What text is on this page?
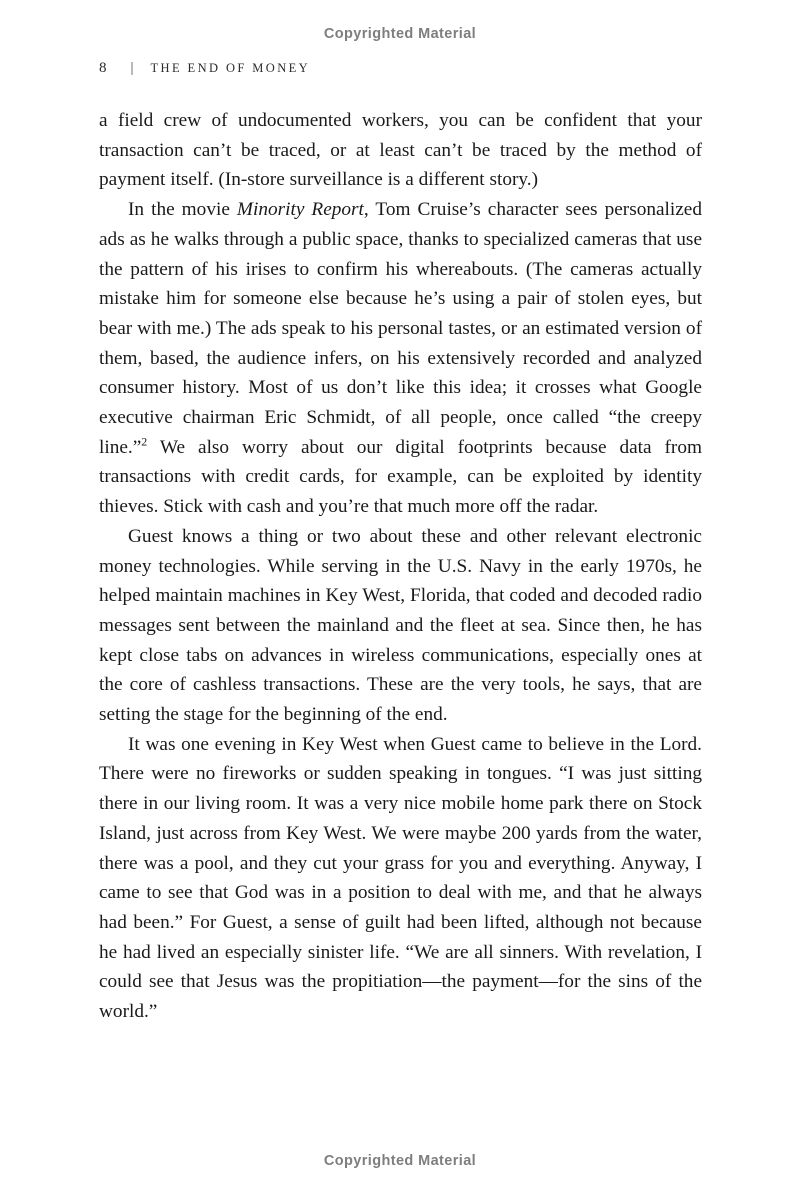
Copyrighted Material
8 | THE END OF MONEY

a field crew of undocumented workers, you can be confident that your transaction can’t be traced, or at least can’t be traced by the method of payment itself. (In-store surveillance is a different story.)

In the movie Minority Report, Tom Cruise’s character sees personalized ads as he walks through a public space, thanks to specialized cameras that use the pattern of his irises to confirm his whereabouts. (The cameras actually mistake him for someone else because he’s using a pair of stolen eyes, but bear with me.) The ads speak to his personal tastes, or an estimated version of them, based, the audience infers, on his extensively recorded and analyzed consumer history. Most of us don’t like this idea; it crosses what Google executive chairman Eric Schmidt, of all people, once called “the creepy line.”$^2$ We also worry about our digital footprints because data from transactions with credit cards, for example, can be exploited by identity thieves. Stick with cash and you’re that much more off the radar.

Guest knows a thing or two about these and other relevant electronic money technologies. While serving in the U.S. Navy in the early 1970s, he helped maintain machines in Key West, Florida, that coded and decoded radio messages sent between the mainland and the fleet at sea. Since then, he has kept close tabs on advances in wireless communications, especially ones at the core of cashless transactions. These are the very tools, he says, that are setting the stage for the beginning of the end.

It was one evening in Key West when Guest came to believe in the Lord. There were no fireworks or sudden speaking in tongues. “I was just sitting there in our living room. It was a very nice mobile home park there on Stock Island, just across from Key West. We were maybe 200 yards from the water, there was a pool, and they cut your grass for you and everything. Anyway, I came to see that God was in a position to deal with me, and that he always had been.” For Guest, a sense of guilt had been lifted, although not because he had lived an especially sinister life. “We are all sinners. With revelation, I could see that Jesus was the propitiation—the payment—for the sins of the world.”

Copyrighted Material
